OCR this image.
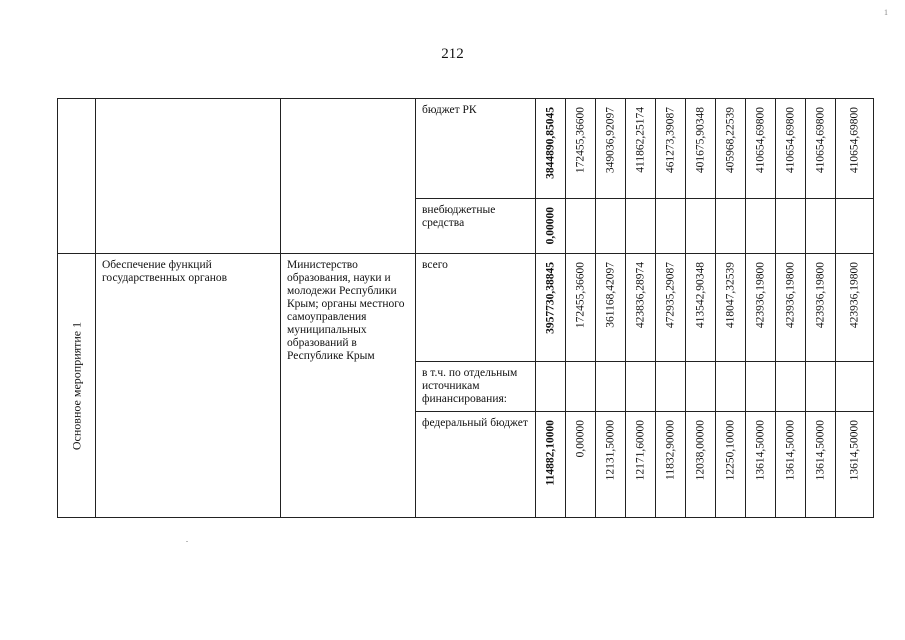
212
1

			бюджет РК	3844890,85045	172455,36600	349036,92097	411862,25174	461273,39087	401675,90348	405968,22539	410654,69800	410654,69800	410654,69800	410654,69800

			внебюджетные средства	0,00000										

Основное мероприятие 1	Обеспечение функций государственных органов	Министерство образования, науки и молодежи Республики Крым; органы местного самоуправления муниципальных образований в Республике Крым	всего	3957730,38845	172455,36600	361168,42097	423836,28974	472935,29087	413542,90348	418047,32539	423936,19800	423936,19800	423936,19800	423936,19800

			в т.ч. по отдельным источникам финансирования:											

			федеральный бюджет	114882,10000	0,00000	12131,50000	12171,60000	11832,90000	12038,00000	12250,10000	13614,50000	13614,50000	13614,50000	13614,50000
